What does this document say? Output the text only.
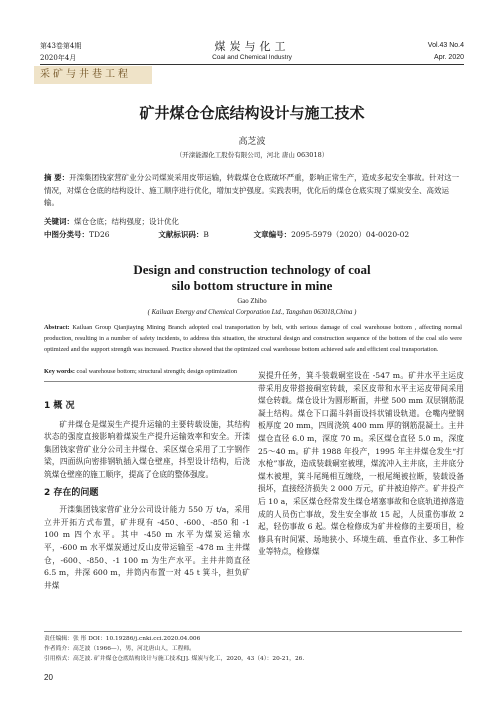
第43卷第4期
2020年4月
煤炭与化工
Coal and Chemical Industry
Vol.43 No.4
Apr. 2020
采矿与井巷工程
矿井煤仓仓底结构设计与施工技术
高芝波
（开滦能源化工股份有限公司，河北 唐山 063018）
摘 要：开滦集团钱家营矿业分公司煤炭采用皮带运输，转载煤仓仓底破坏严重，影响正常生产，造成多起安全事故。针对这一情况，对煤仓仓底的结构设计、施工顺序进行优化，增加支护强度。实践表明，优化后的煤仓仓底实现了煤炭安全、高效运输。
关键词：煤仓仓底；结构强度；设计优化
中图分类号：TD26	文献标识码：B	文章编号：2095-5979（2020）04-0020-02
Design and construction technology of coal
silo bottom structure in mine
Gao Zhibo
( Kailuan Energy and Chemical Corporation Ltd., Tangshan 063018,China )
Abstract: Kailuan Group Qianjiaying Mining Branch adopted coal transportation by belt, with serious damage of coal warehouse bottom , affecting normal production, resulting in a number of safety incidents, to address this situation, the structural design and construction sequence of the bottom of the coal silo were optimized and the support strength was increased. Practice showed that the optimized coal warehouse bottom achieved safe and efficient coal transportation.
Key words: coal warehouse bottom; structural strength; design optimization
1 概 况

矿井煤仓是煤炭生产提升运输的主要转载设施，其结构状态的强度直接影响着煤炭生产提升运输效率和安全。开滦集团钱家营矿业分公司主井煤仓、采区煤仓采用了工字钢作梁，四面纵向密排钢轨插入煤仓壁座，抖型设计结构，后浇筑煤仓壁座的施工顺序，提高了仓底的整体强度。

2 存在的问题

开滦集团钱家营矿业分公司设计能力 550 万 t/a，采用立井开拓方式布置，矿井现有 -450、-600、-850 和 -1 100 m 四个水平。其中 -450 m 水平为煤炭运输水平，-600 m 水平煤炭通过反山皮带运输至 -478 m 主井煤仓，-600、-850、-1 100 m 为生产水平。主井井筒直径 6.5 m，井深 600 m，井筒内布置一对 45 t 箕斗，担负矿井煤

炭提升任务，箕斗装载硐室设在 -547 m。矿井水平主运皮带采用皮带搭接硐室转载，采区皮带和水平主运皮带间采用煤仓转载。煤仓设计为圆形断面，井壁 500 mm 双层钢筋混凝土结构。煤仓下口漏斗斜面设抖状铺设轨道。仓嘴内壁钢板厚度 20 mm，四周浇筑 400 mm 厚的钢筋混凝土。主井煤仓直径 6.0 m，深度 70 m。采区煤仓直径 5.0 m，深度 25～40 m。矿井 1988 年投产，1995 年主井煤仓发生“打水枪”事故，造成装载硐室被埋，煤流冲入主井底，主井底分煤木被埋，箕斗尾绳相互缠绕，一根尾绳被拉断，装载设备损坏，直接经济损失 2 000 万元，矿井被迫停产。矿井投产后 10 a，采区煤仓经常发生煤仓堵塞事故和仓底轨道掉落造成的人员伤亡事故，发生安全事故 15 起，人员重伤事故 2 起，轻伤事故 6 起。煤仓检修成为矿井检修的主要项目，检修具有时间紧、场地狭小、环境生疏、垂直作业、多工种作业等特点，检修煤

责任编辑：张 彤 DOI：10.19286/j.cnki.cci.2020.04.006
作者简介：高芝波（1966—），男，河北唐山人，工程师。
引用格式：高芝波. 矿井煤仓仓底结构设计与施工技术[J]. 煤炭与化工，2020，43（4）：20-21，26.
20
